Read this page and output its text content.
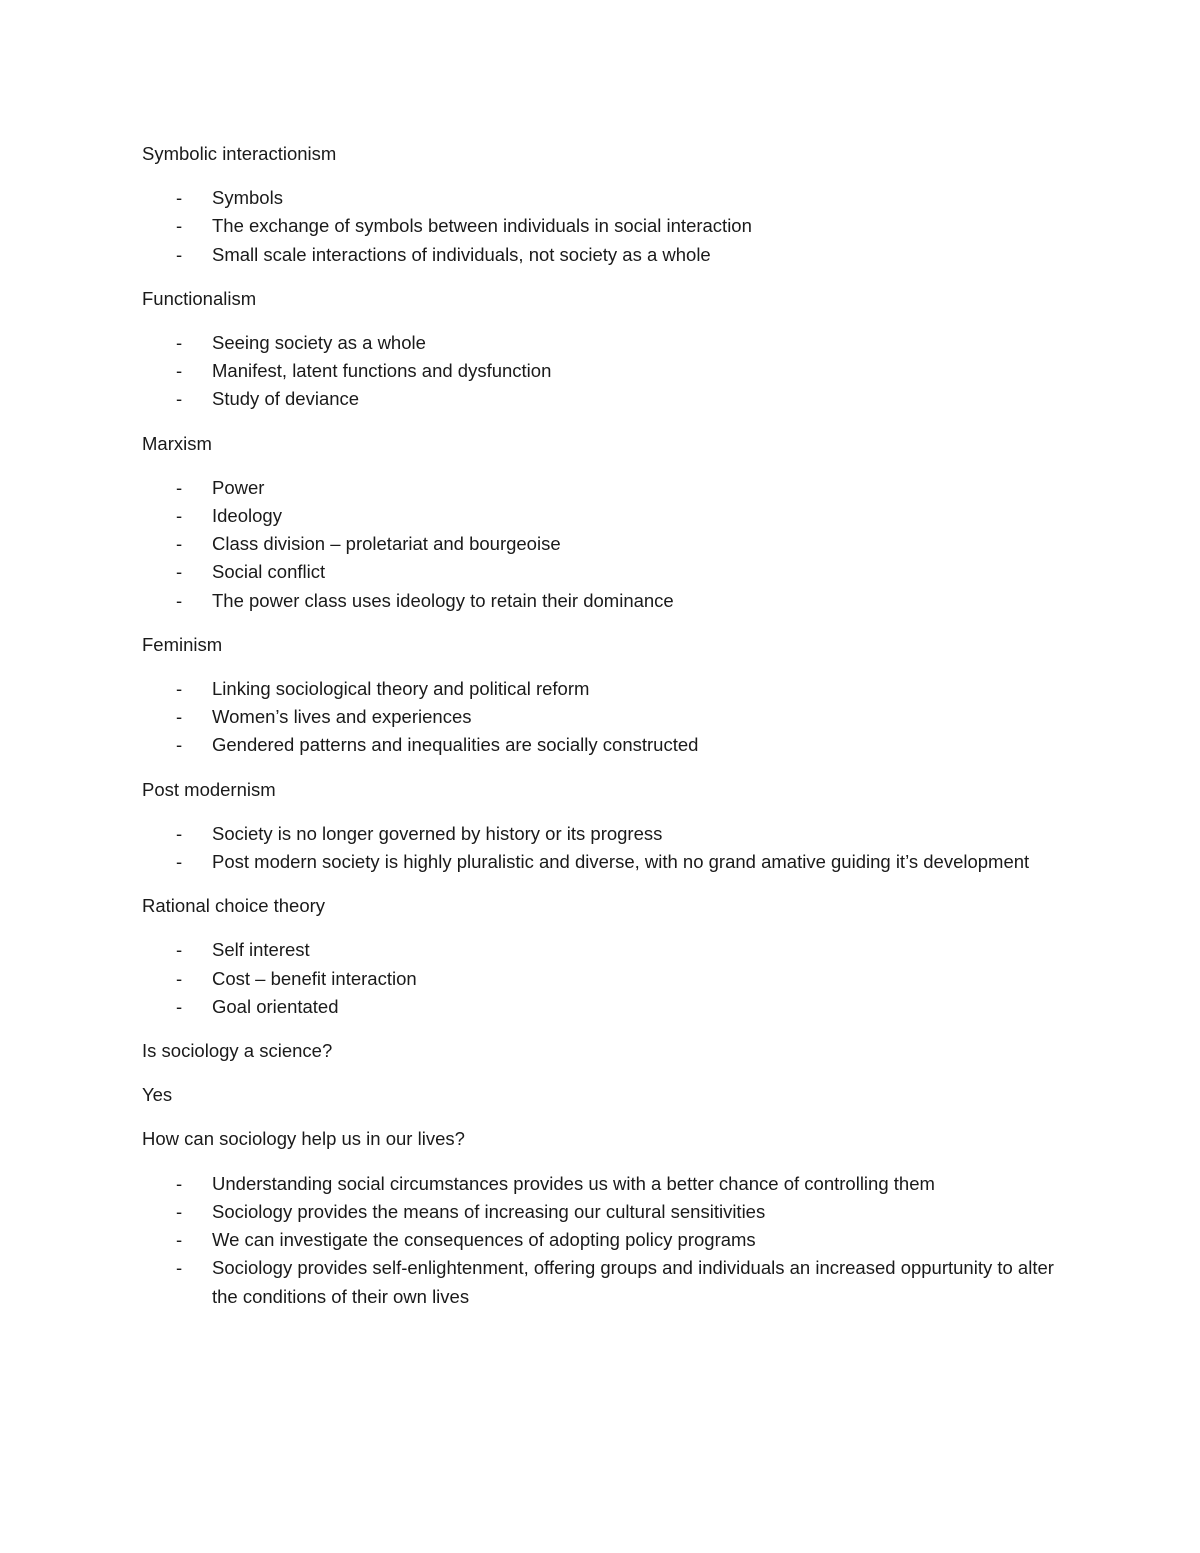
Symbolic interactionism

- Symbols
- The exchange of symbols between individuals in social interaction
- Small scale interactions of individuals, not society as a whole

Functionalism

- Seeing society as a whole
- Manifest, latent functions and dysfunction
- Study of deviance

Marxism

- Power
- Ideology
- Class division – proletariat and bourgeoise
- Social conflict
- The power class uses ideology to retain their dominance

Feminism

- Linking sociological theory and political reform
- Women’s lives and experiences
- Gendered patterns and inequalities are socially constructed

Post modernism

- Society is no longer governed by history or its progress
- Post modern society is highly pluralistic and diverse, with no grand amative guiding it’s development

Rational choice theory

- Self interest
- Cost – benefit interaction
- Goal orientated

Is sociology a science?

Yes

How can sociology help us in our lives?

- Understanding social circumstances provides us with a better chance of controlling them
- Sociology provides the means of increasing our cultural sensitivities
- We can investigate the consequences of adopting policy programs
- Sociology provides self-enlightenment, offering groups and individuals an increased oppurtunity to alter the conditions of their own lives
